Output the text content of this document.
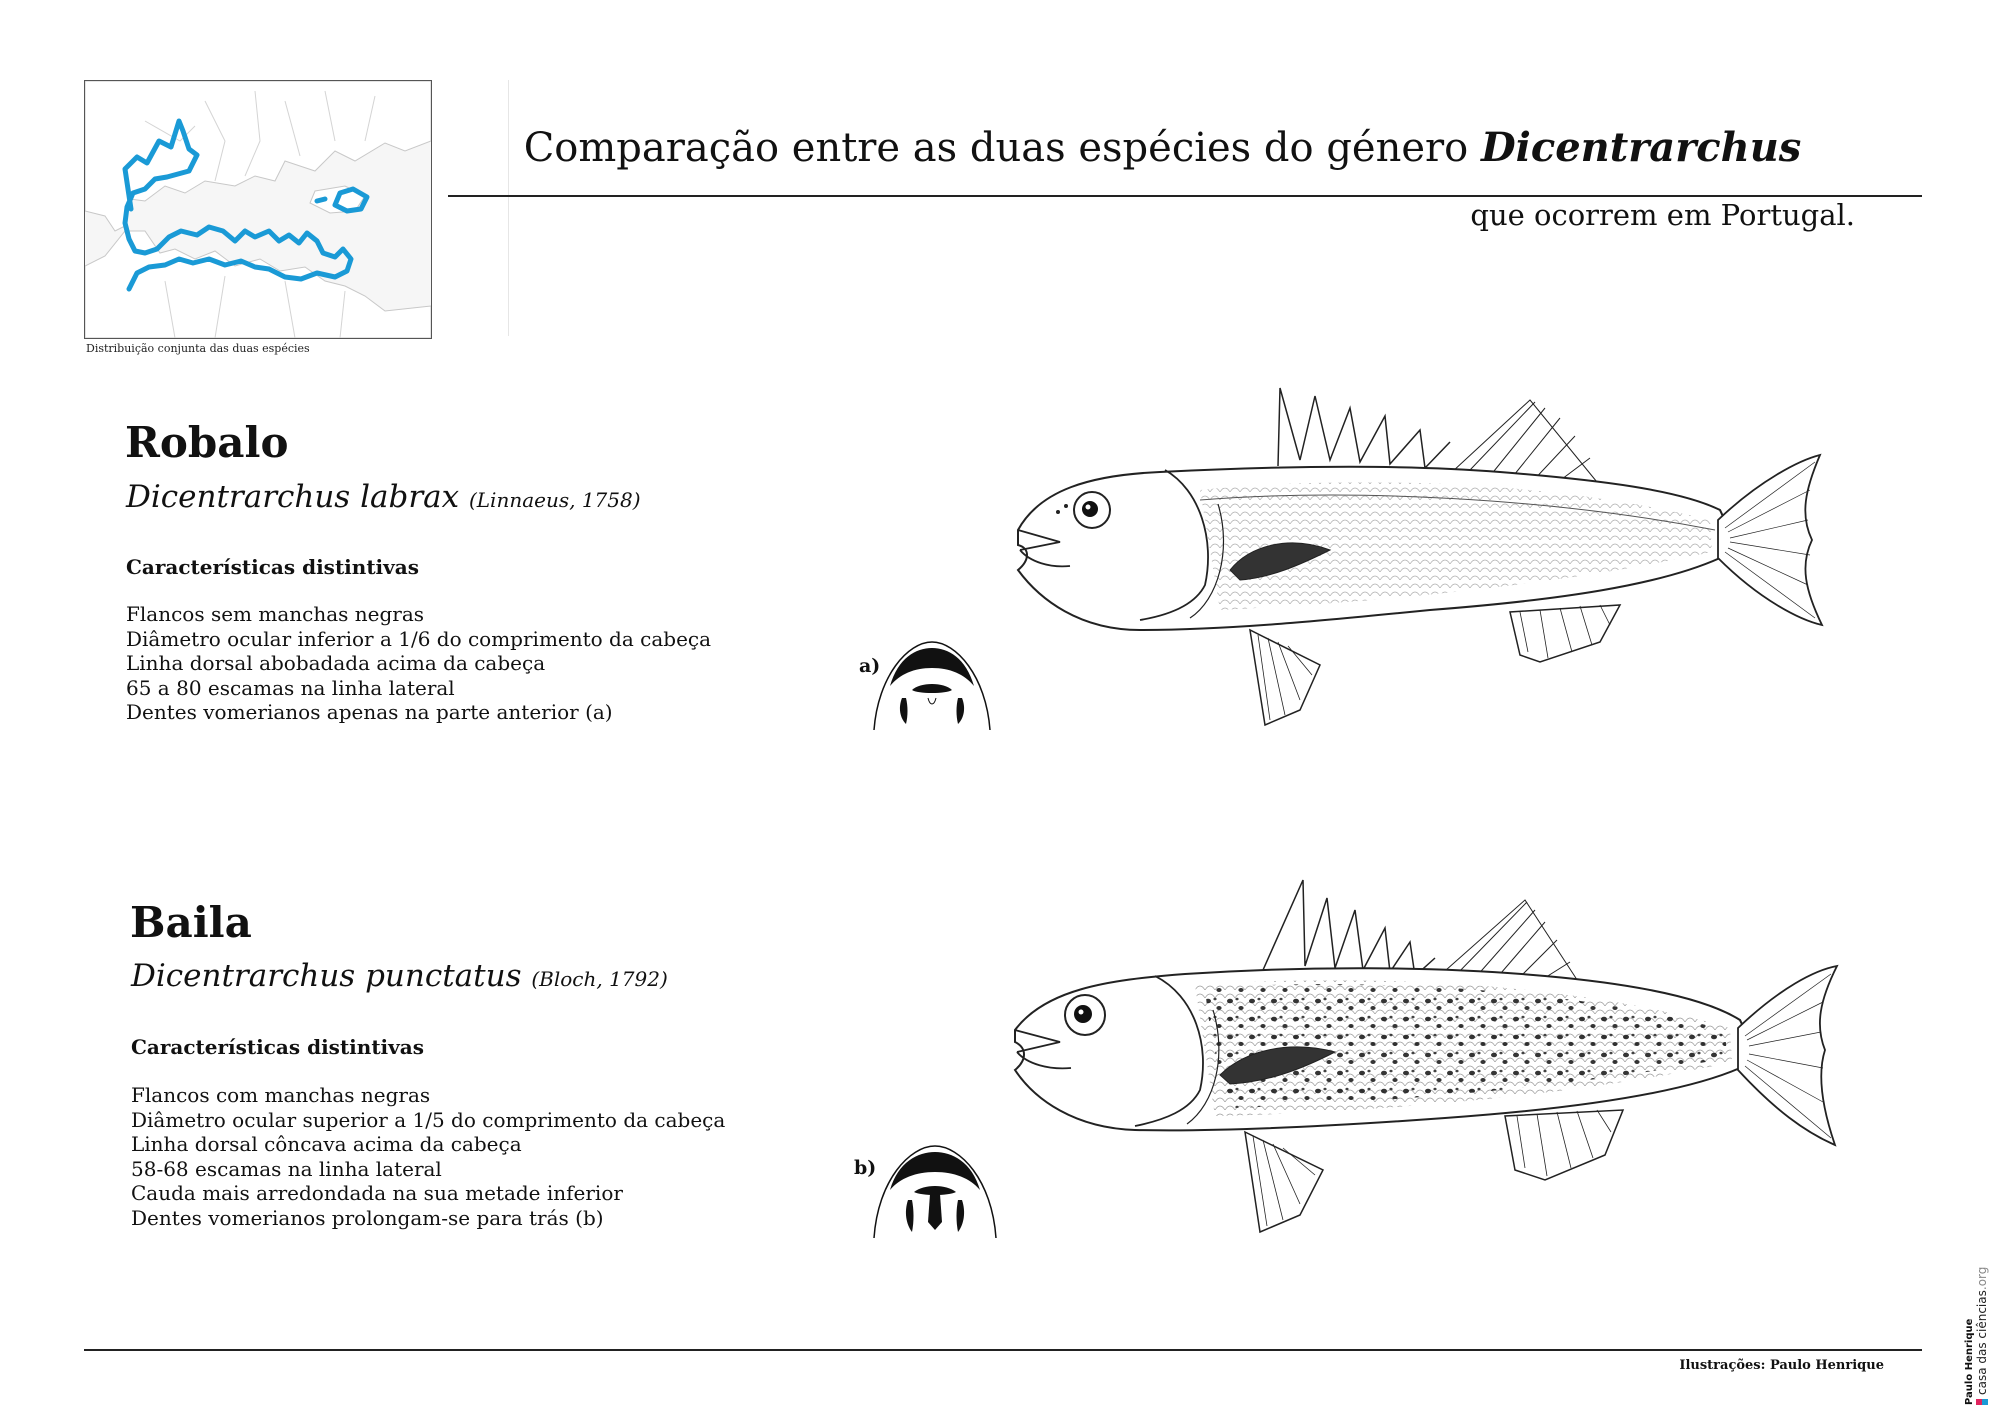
Distribuição conjunta das duas espécies
Comparação entre as duas espécies do género Dicentrarchus
que ocorrem em Portugal.
Robalo
Dicentrarchus labrax (Linnaeus, 1758)
Características distintivas
Flancos sem manchas negras
Diâmetro ocular inferior a 1/6 do comprimento da cabeça
Linha dorsal abobadada acima da cabeça
65 a 80 escamas na linha lateral
Dentes vomerianos apenas na parte anterior (a)
a)
Baila
Dicentrarchus punctatus (Bloch, 1792)
Características distintivas
Flancos com manchas negras
Diâmetro ocular superior a 1/5 do comprimento da cabeça
Linha dorsal côncava acima da cabeça
58-68 escamas na linha lateral
Cauda mais arredondada na sua metade inferior
Dentes vomerianos prolongam-se para trás (b)
b)
Ilustrações: Paulo Henrique	Paulo Henrique casa das ciências.org
